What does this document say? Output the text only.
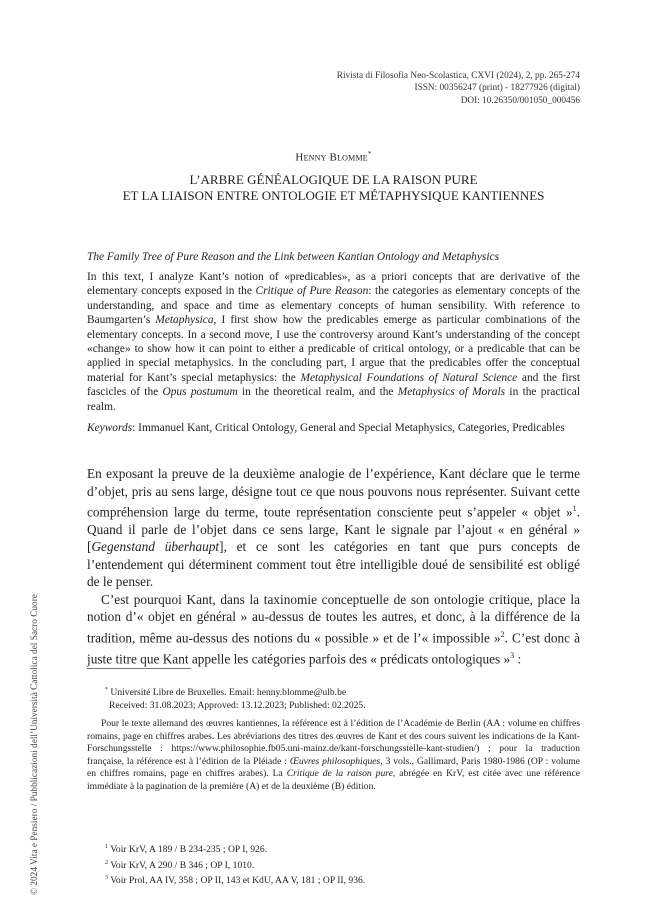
Rivista di Filosofia Neo-Scolastica, CXVI (2024), 2, pp. 265-274
ISSN: 00356247 (print) - 18277926 (digital)
DOI: 10.26350/001050_000456
Henny Blomme*
L’ARBRE GÉNÉALOGIQUE DE LA RAISON PURE
ET LA LIAISON ENTRE ONTOLOGIE ET MÉTAPHYSIQUE KANTIENNES
The Family Tree of Pure Reason and the Link between Kantian Ontology and Metaphysics

In this text, I analyze Kant’s notion of «predicables», as a priori concepts that are derivative of the elementary concepts exposed in the Critique of Pure Reason: the categories as elementary concepts of the understanding, and space and time as elementary concepts of human sensibility. With reference to Baumgarten’s Metaphysica, I first show how the predicables emerge as particular combinations of the elementary concepts. In a second move, I use the controversy around Kant’s understanding of the concept «change» to show how it can point to either a predicable of critical ontology, or a predicable that can be applied in special metaphysics. In the concluding part, I argue that the predicables offer the conceptual material for Kant’s special metaphysics: the Metaphysical Foundations of Natural Science and the first fascicles of the Opus postumum in the theoretical realm, and the Metaphysics of Morals in the practical realm.

Keywords: Immanuel Kant, Critical Ontology, General and Special Metaphysics, Categories, Predicables

En exposant la preuve de la deuxième analogie de l’expérience, Kant déclare que le terme d’objet, pris au sens large, désigne tout ce que nous pouvons nous représenter. Suivant cette compréhension large du terme, toute représentation consciente peut s’appeler « objet »$^1$. Quand il parle de l’objet dans ce sens large, Kant le signale par l’ajout « en général » [Gegenstand überhaupt], et ce sont les catégories en tant que purs concepts de l’entendement qui déterminent comment tout être intelligible doué de sensibilité est obligé de le penser.

C’est pourquoi Kant, dans la taxinomie conceptuelle de son ontologie critique, place la notion d’« objet en général » au-dessus de toutes les autres, et donc, à la différence de la tradition, même au-dessus des notions du « possible » et de l’« impossible »$^2$. C’est donc à juste titre que Kant appelle les catégories parfois des « prédicats ontologiques »$^3$ :

* Université Libre de Bruxelles. Email: henny.blomme@ulb.be
Received: 31.08.2023; Approved: 13.12.2023; Published: 02.2025.
Pour le texte allemand des œuvres kantiennes, la référence est à l’édition de l’Académie de Berlin (AA : volume en chiffres romains, page en chiffres arabes. Les abréviations des titres des œuvres de Kant et des cours suivent les indications de la Kant-Forschungsstelle : https://www.philosophie.fb05.uni-mainz.de/kant-forschungsstelle-kant-studien/) ; pour la traduction française, la référence est à l’édition de la Pléiade : Œuvres philosophiques, 3 vols., Gallimard, Paris 1980-1986 (OP : volume en chiffres romains, page en chiffres arabes). La Critique de la raison pure, abrégée en KrV, est citée avec une référence immédiate à la pagination de la première (A) et de la deuxième (B) édition.
$^1$ Voir KrV, A 189 / B 234-235 ; OP I, 926.
$^2$ Voir KrV, A 290 / B 346 ; OP I, 1010.
$^3$ Voir Prol, AA IV, 358 ; OP II, 143 et KdU, AA V, 181 ; OP II, 936.
© 2024 Vita e Pensiero / Pubblicazioni dell’Università Cattolica del Sacro Cuore
